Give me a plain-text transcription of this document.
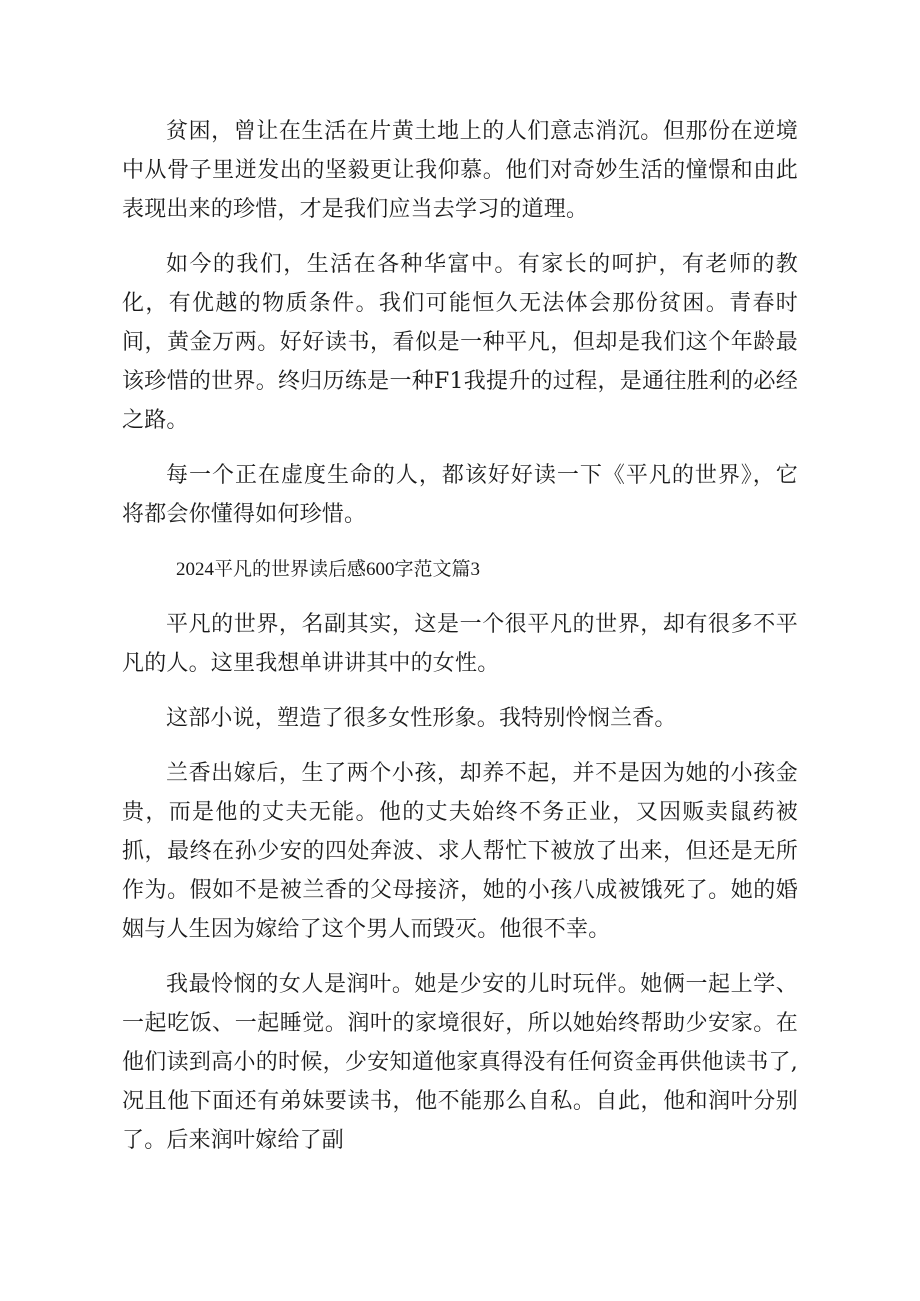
贫困，曾让在生活在片黄土地上的人们意志消沉。但那份在逆境中从骨子里迸发出的坚毅更让我仰慕。他们对奇妙生活的憧憬和由此表现出来的珍惜，才是我们应当去学习的道理。

如今的我们，生活在各种华富中。有家长的呵护，有老师的教化，有优越的物质条件。我们可能恒久无法体会那份贫困。青春时间，黄金万两。好好读书，看似是一种平凡，但却是我们这个年龄最该珍惜的世界。终归历练是一种F1我提升的过程，是通往胜利的必经之路。

每一个正在虚度生命的人，都该好好读一下《平凡的世界》，它将都会你懂得如何珍惜。

2024平凡的世界读后感600字范文篇3

平凡的世界，名副其实，这是一个很平凡的世界，却有很多不平凡的人。这里我想单讲讲其中的女性。

这部小说，塑造了很多女性形象。我特别怜悯兰香。

兰香出嫁后，生了两个小孩，却养不起，并不是因为她的小孩金贵，而是他的丈夫无能。他的丈夫始终不务正业，又因贩卖鼠药被抓，最终在孙少安的四处奔波、求人帮忙下被放了出来，但还是无所作为。假如不是被兰香的父母接济，她的小孩八成被饿死了。她的婚姻与人生因为嫁给了这个男人而毁灭。他很不幸。

我最怜悯的女人是润叶。她是少安的儿时玩伴。她俩一起上学、一起吃饭、一起睡觉。润叶的家境很好，所以她始终帮助少安家。在他们读到高小的时候，少安知道他家真得没有任何资金再供他读书了,况且他下面还有弟妹要读书，他不能那么自私。自此，他和润叶分别了。后来润叶嫁给了副
